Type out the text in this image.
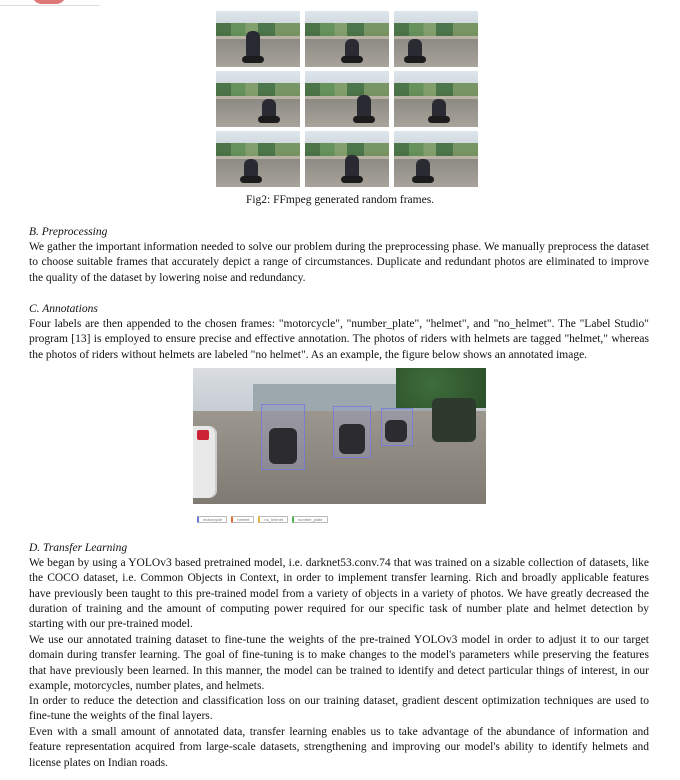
Fig2: FFmpeg generated random frames.
B. Preprocessing

We gather the important information needed to solve our problem during the preprocessing phase. We manually preprocess the dataset to choose suitable frames that accurately depict a range of circumstances. Duplicate and redundant photos are eliminated to improve the quality of the dataset by lowering noise and redundancy.

C. Annotations

Four labels are then appended to the chosen frames: "motorcycle", "number_plate", "helmet", and "no_helmet". The "Label Studio" program [13] is employed to ensure precise and effective annotation. The photos of riders with helmets are tagged "helmet," whereas the photos of riders without helmets are labeled "no helmet". As an example, the figure below shows an annotated image.

motorcycle	helmet	no_helmet	number_plate
D. Transfer Learning

We began by using a YOLOv3 based pretrained model, i.e. darknet53.conv.74 that was trained on a sizable collection of datasets, like the COCO dataset, i.e. Common Objects in Context, in order to implement transfer learning. Rich and broadly applicable features have previously been taught to this pre-trained model from a variety of objects in a variety of photos. We have greatly decreased the duration of training and the amount of computing power required for our specific task of number plate and helmet detection by starting with our pre-trained model.

We use our annotated training dataset to fine-tune the weights of the pre-trained YOLOv3 model in order to adjust it to our target domain during transfer learning. The goal of fine-tuning is to make changes to the model's parameters while preserving the features that have previously been learned. In this manner, the model can be trained to identify and detect particular things of interest, in our example, motorcycles, number plates, and helmets.

In order to reduce the detection and classification loss on our training dataset, gradient descent optimization techniques are used to fine-tune the weights of the final layers.

Even with a small amount of annotated data, transfer learning enables us to take advantage of the abundance of information and feature representation acquired from large-scale datasets, strengthening and improving our model's ability to identify helmets and license plates on Indian roads.
